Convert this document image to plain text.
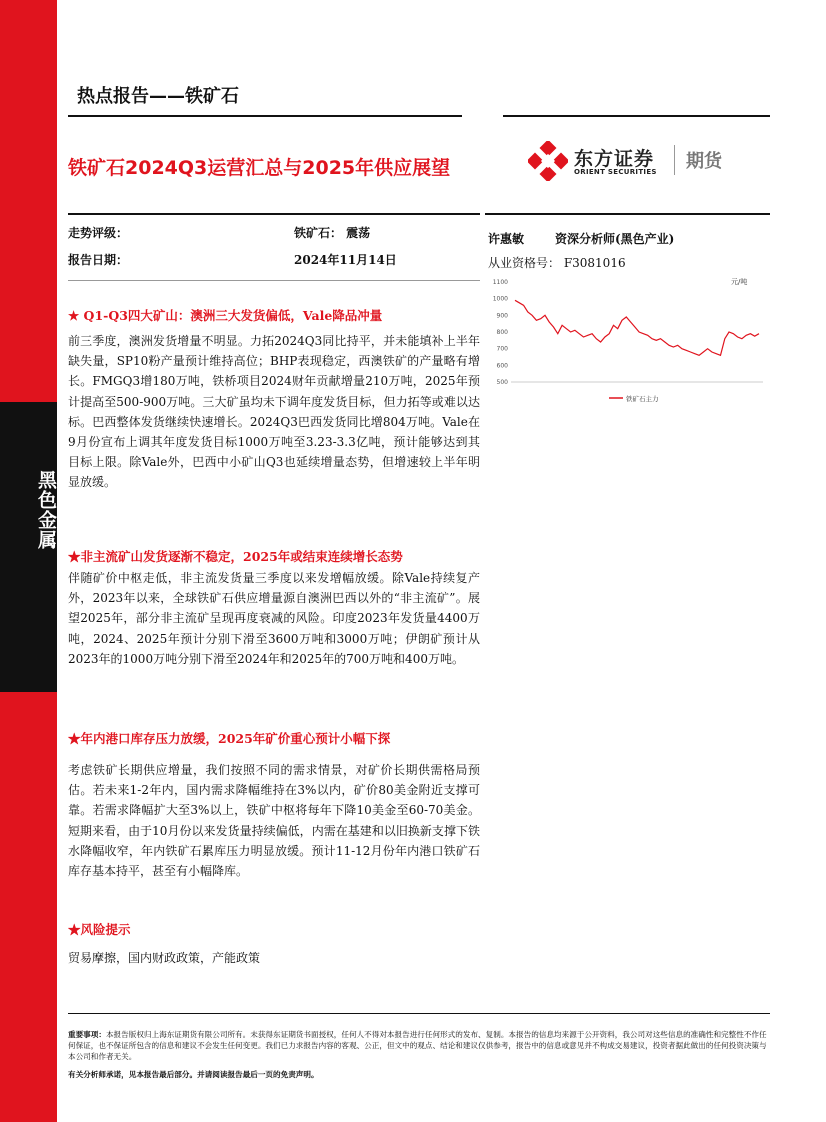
黑色金属
热点报告——铁矿石
铁矿石2024Q3运营汇总与2025年供应展望	东方证券
ORIENT SECURITIES 期货
走势评级：	铁矿石： 震荡
报告日期：	2024年11月14日
许惠敏	资深分析师(黑色产业)
从业资格号： F3081016
元/吨
500
600
700
800
900
1000
1100
铁矿石主力
★ Q1-Q3四大矿山：澳洲三大发货偏低，Vale降品冲量
前三季度，澳洲发货增量不明显。力拓2024Q3同比持平，并未能填补上半年缺失量，SP10粉产量预计维持高位；BHP表现稳定，西澳铁矿的产量略有增长。FMGQ3增180万吨，铁桥项目2024财年贡献增量210万吨，2025年预计提高至500-900万吨。三大矿虽均未下调年度发货目标，但力拓等或难以达标。巴西整体发货继续快速增长。2024Q3巴西发货同比增804万吨。Vale在9月份宣布上调其年度发货目标1000万吨至3.23-3.3亿吨，预计能够达到其目标上限。除Vale外，巴西中小矿山Q3也延续增量态势，但增速较上半年明显放缓。
★非主流矿山发货逐渐不稳定，2025年或结束连续增长态势
伴随矿价中枢走低，非主流发货量三季度以来发增幅放缓。除Vale持续复产外，2023年以来，全球铁矿石供应增量源自澳洲巴西以外的“非主流矿”。展望2025年，部分非主流矿呈现再度衰减的风险。印度2023年发货量4400万吨，2024、2025年预计分别下滑至3600万吨和3000万吨；伊朗矿预计从2023年的1000万吨分别下滑至2024年和2025年的700万吨和400万吨。
★年内港口库存压力放缓，2025年矿价重心预计小幅下探
考虑铁矿长期供应增量，我们按照不同的需求情景，对矿价长期供需格局预估。若未来1-2年内，国内需求降幅维持在3%以内，矿价80美金附近支撑可靠。若需求降幅扩大至3%以上，铁矿中枢将每年下降10美金至60-70美金。短期来看，由于10月份以来发货量持续偏低，内需在基建和以旧换新支撑下铁水降幅收窄，年内铁矿石累库压力明显放缓。预计11-12月份年内港口铁矿石库存基本持平，甚至有小幅降库。
★风险提示
贸易摩擦，国内财政政策，产能政策
重要事项：本报告版权归上海东证期货有限公司所有。未获得东证期货书面授权，任何人不得对本报告进行任何形式的发布、复制。本报告的信息均来源于公开资料，我公司对这些信息的准确性和完整性不作任何保证，也不保证所包含的信息和建议不会发生任何变更。我们已力求报告内容的客观、公正，但文中的观点、结论和建议仅供参考，报告中的信息或意见并不构成交易建议，投资者据此做出的任何投资决策与本公司和作者无关。
有关分析师承诺，见本报告最后部分。并请阅读报告最后一页的免责声明。
